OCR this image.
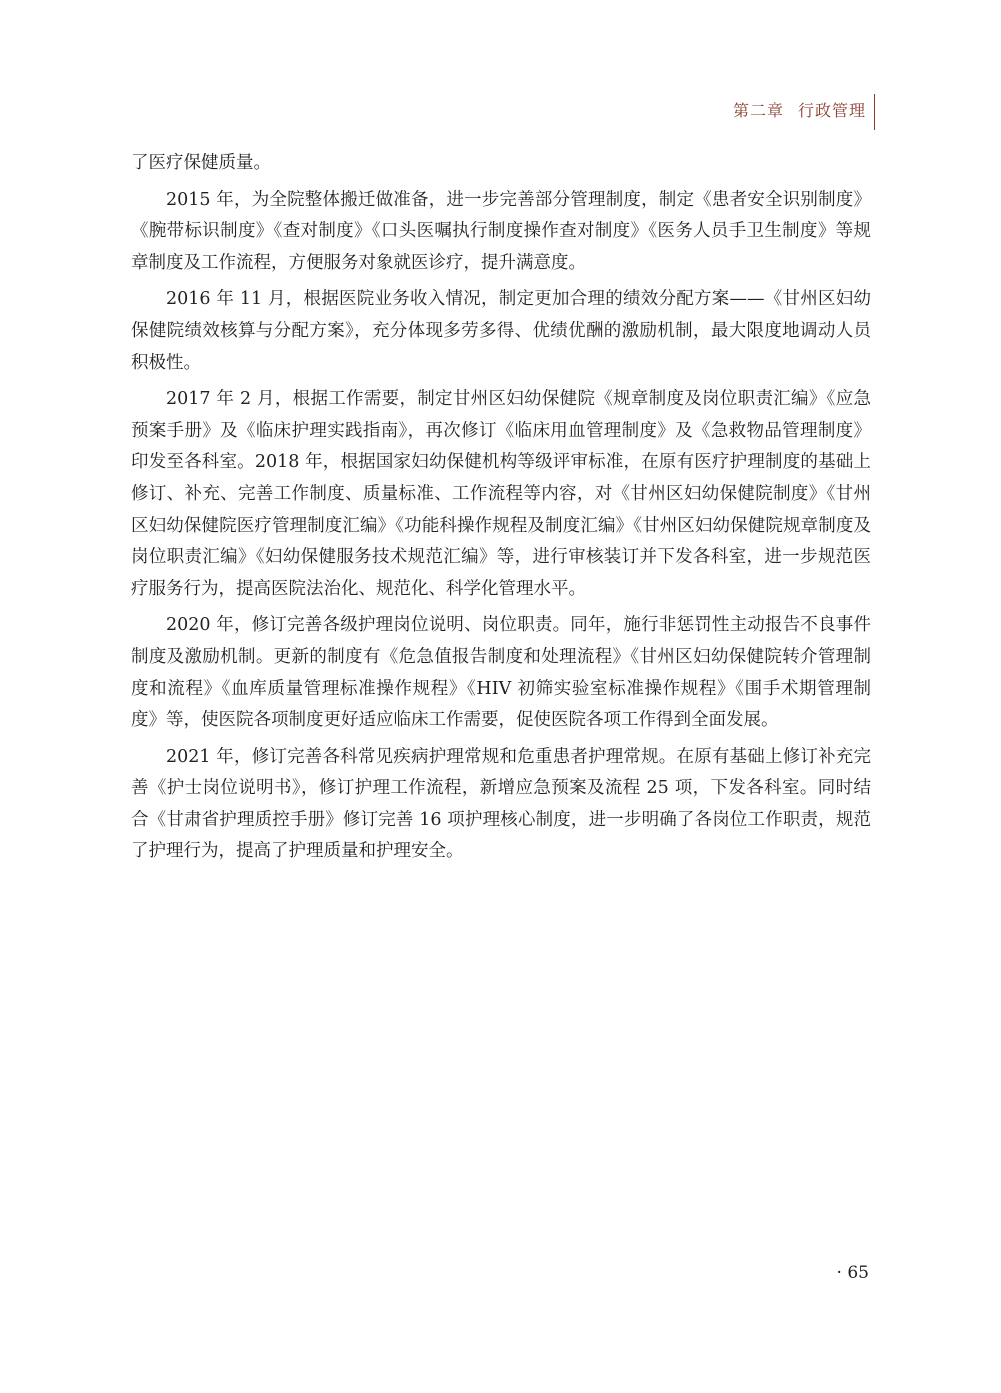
第二章 行政管理

了医疗保健质量。

2015 年，为全院整体搬迁做准备，进一步完善部分管理制度，制定《患者安全识别制度》《腕带标识制度》《查对制度》《口头医嘱执行制度操作查对制度》《医务人员手卫生制度》等规章制度及工作流程，方便服务对象就医诊疗，提升满意度。

2016 年 11 月，根据医院业务收入情况，制定更加合理的绩效分配方案——《甘州区妇幼保健院绩效核算与分配方案》，充分体现多劳多得、优绩优酬的激励机制，最大限度地调动人员积极性。

2017 年 2 月，根据工作需要，制定甘州区妇幼保健院《规章制度及岗位职责汇编》《应急预案手册》及《临床护理实践指南》，再次修订《临床用血管理制度》及《急救物品管理制度》印发至各科室。2018 年，根据国家妇幼保健机构等级评审标准，在原有医疗护理制度的基础上修订、补充、完善工作制度、质量标准、工作流程等内容，对《甘州区妇幼保健院制度》《甘州区妇幼保健院医疗管理制度汇编》《功能科操作规程及制度汇编》《甘州区妇幼保健院规章制度及岗位职责汇编》《妇幼保健服务技术规范汇编》等，进行审核装订并下发各科室，进一步规范医疗服务行为，提高医院法治化、规范化、科学化管理水平。

2020 年，修订完善各级护理岗位说明、岗位职责。同年，施行非惩罚性主动报告不良事件制度及激励机制。更新的制度有《危急值报告制度和处理流程》《甘州区妇幼保健院转介管理制度和流程》《血库质量管理标准操作规程》《HIV 初筛实验室标准操作规程》《围手术期管理制度》等，使医院各项制度更好适应临床工作需要，促使医院各项工作得到全面发展。

2021 年，修订完善各科常见疾病护理常规和危重患者护理常规。在原有基础上修订补充完善《护士岗位说明书》，修订护理工作流程，新增应急预案及流程 25 项，下发各科室。同时结合《甘肃省护理质控手册》修订完善 16 项护理核心制度，进一步明确了各岗位工作职责，规范了护理行为，提高了护理质量和护理安全。

· 65
